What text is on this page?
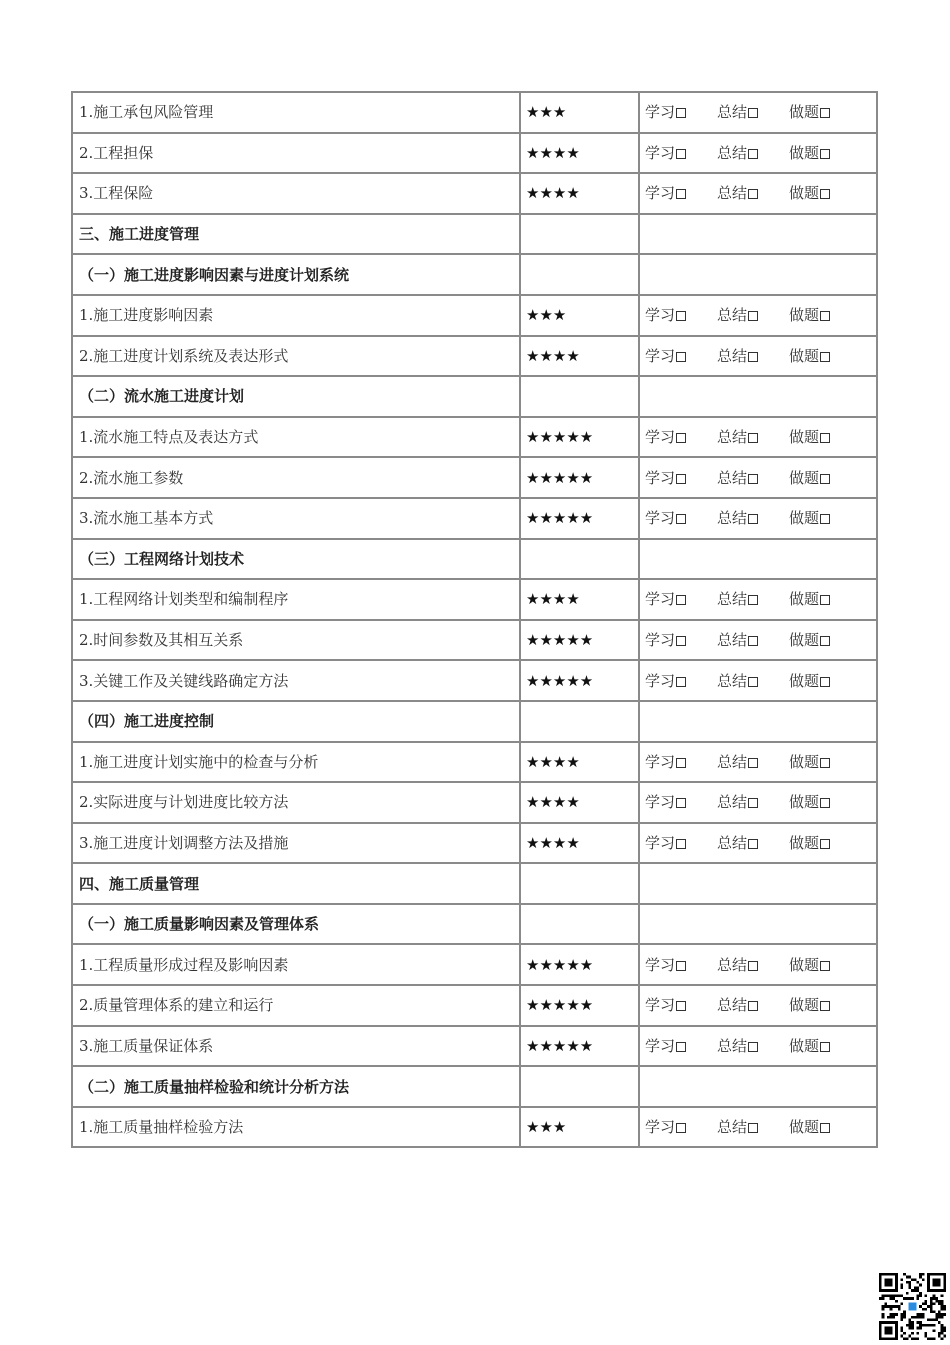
1.施工承包风险管理	★★★	学习 总结 做题
2.工程担保	★★★★	学习 总结 做题
3.工程保险	★★★★	学习 总结 做题
三、施工进度管理		
（一）施工进度影响因素与进度计划系统		
1.施工进度影响因素	★★★	学习 总结 做题
2.施工进度计划系统及表达形式	★★★★	学习 总结 做题
（二）流水施工进度计划		
1.流水施工特点及表达方式	★★★★★	学习 总结 做题
2.流水施工参数	★★★★★	学习 总结 做题
3.流水施工基本方式	★★★★★	学习 总结 做题
（三）工程网络计划技术		
1.工程网络计划类型和编制程序	★★★★	学习 总结 做题
2.时间参数及其相互关系	★★★★★	学习 总结 做题
3.关键工作及关键线路确定方法	★★★★★	学习 总结 做题
（四）施工进度控制		
1.施工进度计划实施中的检查与分析	★★★★	学习 总结 做题
2.实际进度与计划进度比较方法	★★★★	学习 总结 做题
3.施工进度计划调整方法及措施	★★★★	学习 总结 做题
四、施工质量管理		
（一）施工质量影响因素及管理体系		
1.工程质量形成过程及影响因素	★★★★★	学习 总结 做题
2.质量管理体系的建立和运行	★★★★★	学习 总结 做题
3.施工质量保证体系	★★★★★	学习 总结 做题
（二）施工质量抽样检验和统计分析方法		
1.施工质量抽样检验方法	★★★	学习 总结 做题
